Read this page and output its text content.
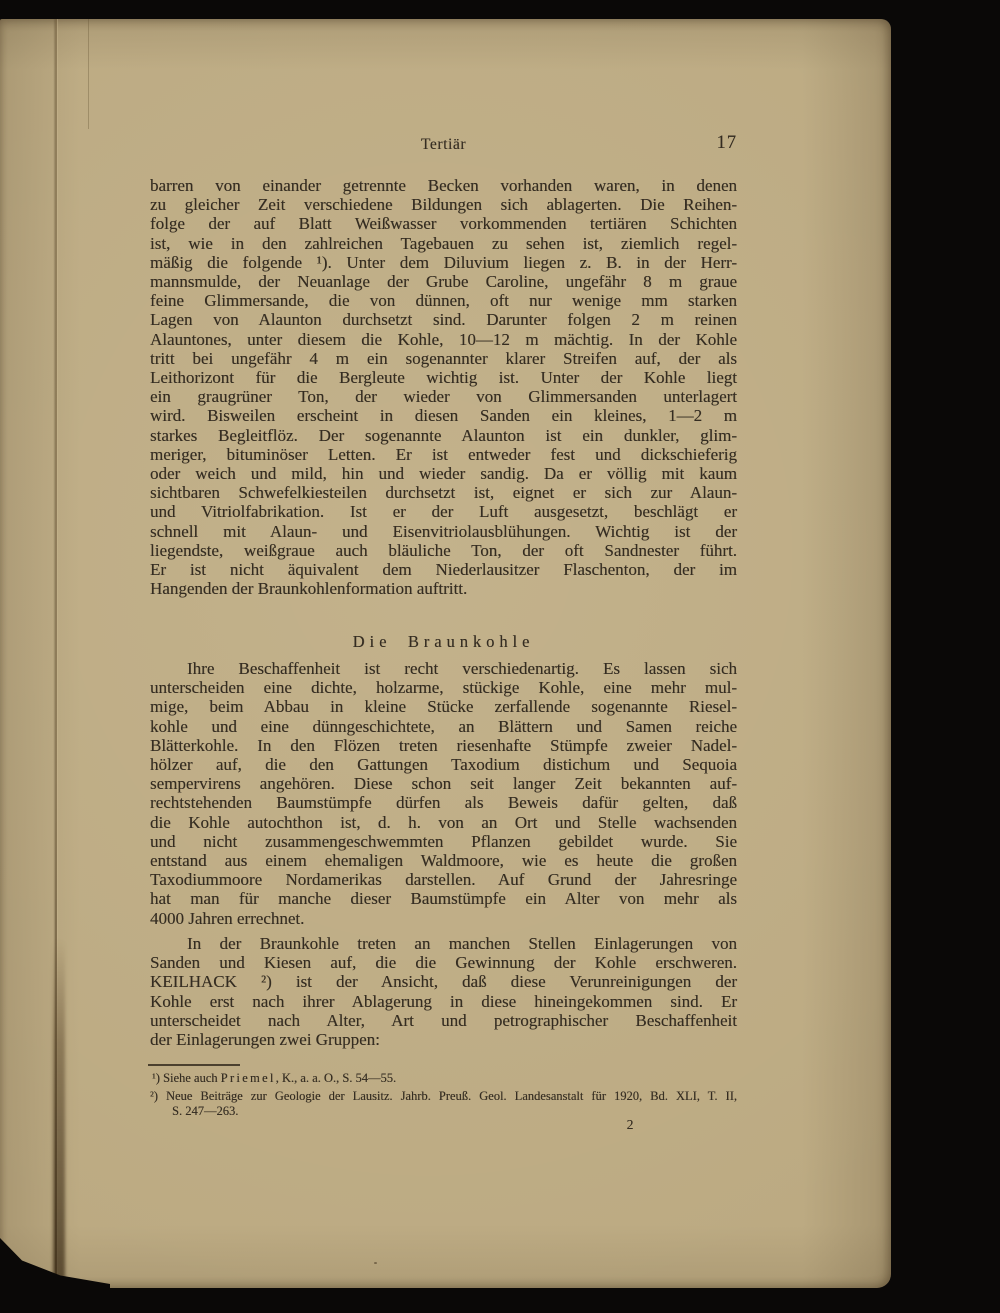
Tertiär	17
barren von einander getrennte Becken vorhanden waren, in denen
zu gleicher Zeit verschiedene Bildungen sich ablagerten. Die Reihen-
folge der auf Blatt Weißwasser vorkommenden tertiären Schichten
ist, wie in den zahlreichen Tagebauen zu sehen ist, ziemlich regel-
mäßig die folgende ¹). Unter dem Diluvium liegen z. B. in der Herr-
mannsmulde, der Neuanlage der Grube Caroline, ungefähr 8 m graue
feine Glimmersande, die von dünnen, oft nur wenige mm starken
Lagen von Alaunton durchsetzt sind. Darunter folgen 2 m reinen
Alauntones, unter diesem die Kohle, 10—12 m mächtig. In der Kohle
tritt bei ungefähr 4 m ein sogenannter klarer Streifen auf, der als
Leithorizont für die Bergleute wichtig ist. Unter der Kohle liegt
ein graugrüner Ton, der wieder von Glimmersanden unterlagert
wird. Bisweilen erscheint in diesen Sanden ein kleines, 1—2 m
starkes Begleitflöz. Der sogenannte Alaunton ist ein dunkler, glim-
meriger, bituminöser Letten. Er ist entweder fest und dickschieferig
oder weich und mild, hin und wieder sandig. Da er völlig mit kaum
sichtbaren Schwefelkiesteilen durchsetzt ist, eignet er sich zur Alaun-
und Vitriolfabrikation. Ist er der Luft ausgesetzt, beschlägt er
schnell mit Alaun- und Eisenvitriolausblühungen. Wichtig ist der
liegendste, weißgraue auch bläuliche Ton, der oft Sandnester führt.
Er ist nicht äquivalent dem Niederlausitzer Flaschenton, der im
Hangenden der Braunkohlenformation auftritt.
Die Braunkohle
Ihre Beschaffenheit ist recht verschiedenartig. Es lassen sich
unterscheiden eine dichte, holzarme, stückige Kohle, eine mehr mul-
mige, beim Abbau in kleine Stücke zerfallende sogenannte Riesel-
kohle und eine dünngeschichtete, an Blättern und Samen reiche
Blätterkohle. In den Flözen treten riesenhafte Stümpfe zweier Nadel-
hölzer auf, die den Gattungen Taxodium distichum und Sequoia
sempervirens angehören. Diese schon seit langer Zeit bekannten auf-
rechtstehenden Baumstümpfe dürfen als Beweis dafür gelten, daß
die Kohle autochthon ist, d. h. von an Ort und Stelle wachsenden
und nicht zusammengeschwemmten Pflanzen gebildet wurde. Sie
entstand aus einem ehemaligen Waldmoore, wie es heute die großen
Taxodiummoore Nordamerikas darstellen. Auf Grund der Jahresringe
hat man für manche dieser Baumstümpfe ein Alter von mehr als
4000 Jahren errechnet.
In der Braunkohle treten an manchen Stellen Einlagerungen von
Sanden und Kiesen auf, die die Gewinnung der Kohle erschweren.
KEILHACK ²) ist der Ansicht, daß diese Verunreinigungen der
Kohle erst nach ihrer Ablagerung in diese hineingekommen sind. Er
unterscheidet nach Alter, Art und petrographischer Beschaffenheit
der Einlagerungen zwei Gruppen:
¹) Siehe auch Priemel, K., a. a. O., S. 54—55.
²) Neue Beiträge zur Geologie der Lausitz. Jahrb. Preuß. Geol. Landesanstalt für 1920, Bd. XLI, T. II,
S. 247—263.
2
